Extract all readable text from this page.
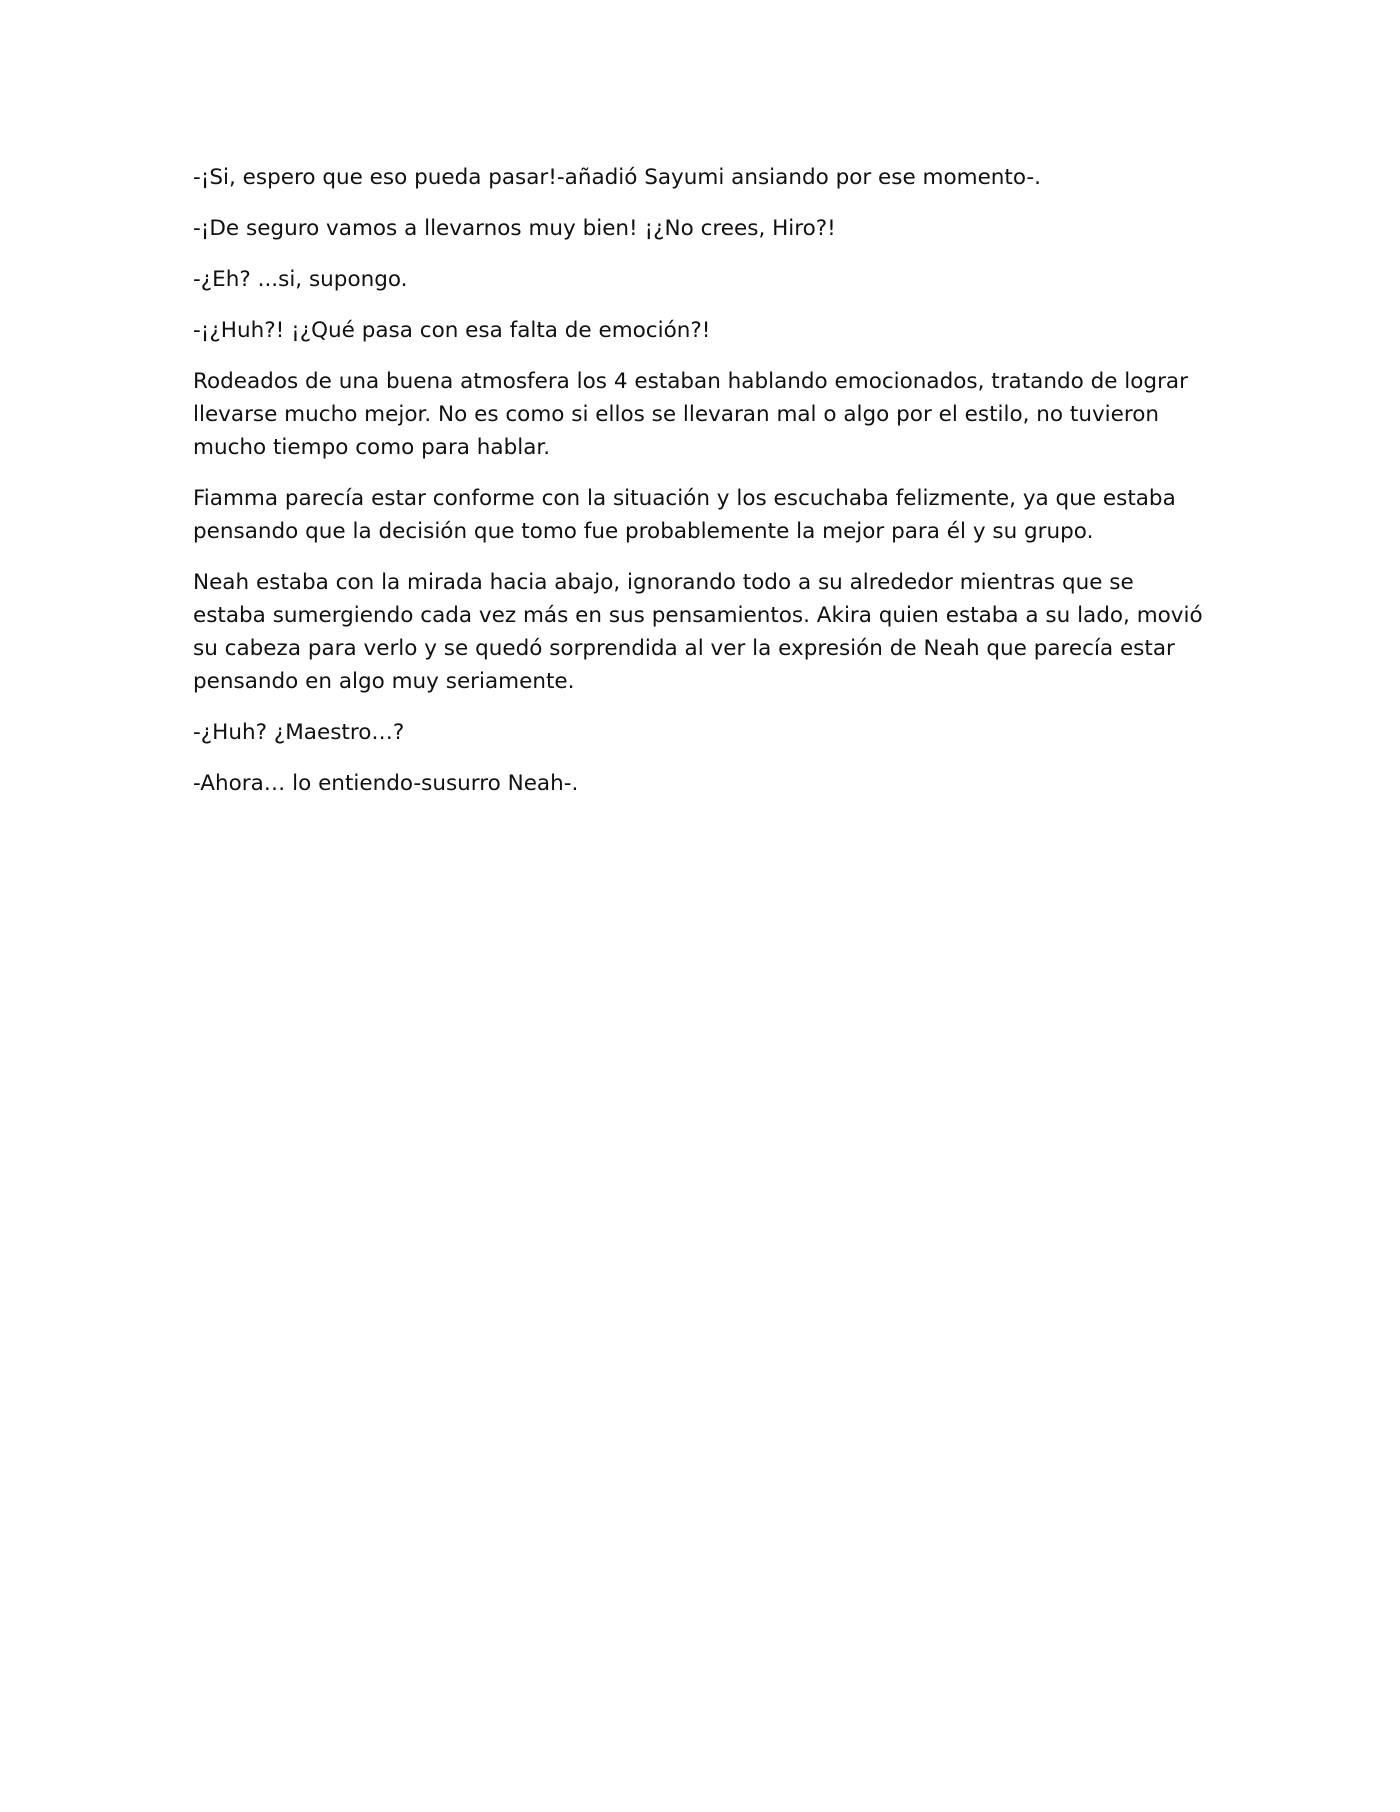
-¡Si, espero que eso pueda pasar!-añadió Sayumi ansiando por ese momento-.

-¡De seguro vamos a llevarnos muy bien! ¡¿No crees, Hiro?!

-¿Eh? ...si, supongo.

-¡¿Huh?! ¡¿Qué pasa con esa falta de emoción?!

Rodeados de una buena atmosfera los 4 estaban hablando emocionados, tratando de lograr llevarse mucho mejor. No es como si ellos se llevaran mal o algo por el estilo, no tuvieron mucho tiempo como para hablar.

Fiamma parecía estar conforme con la situación y los escuchaba felizmente, ya que estaba pensando que la decisión que tomo fue probablemente la mejor para él y su grupo.

Neah estaba con la mirada hacia abajo, ignorando todo a su alrededor mientras que se estaba sumergiendo cada vez más en sus pensamientos. Akira quien estaba a su lado, movió su cabeza para verlo y se quedó sorprendida al ver la expresión de Neah que parecía estar pensando en algo muy seriamente.

-¿Huh? ¿Maestro…?

-Ahora… lo entiendo-susurro Neah-.
